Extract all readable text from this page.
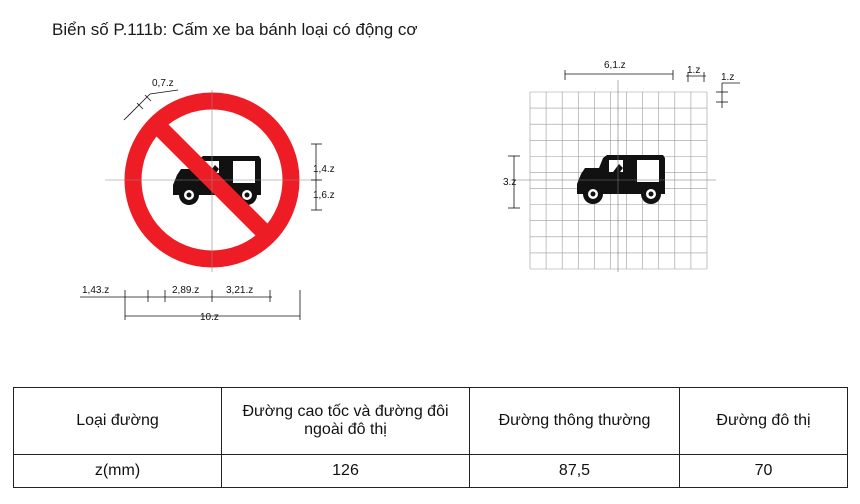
Biển số P.111b: Cấm xe ba bánh loại có động cơ
0,7.z
1,4.z
1,6.z
1,43.z	2,89.z	3,21.z
10.z
6,1.z	1.z
1.z
3.z
Loại đường	Đường cao tốc và đường đôi ngoài đô thị	Đường thông thường	Đường đô thị
z(mm)	126	87,5	70
